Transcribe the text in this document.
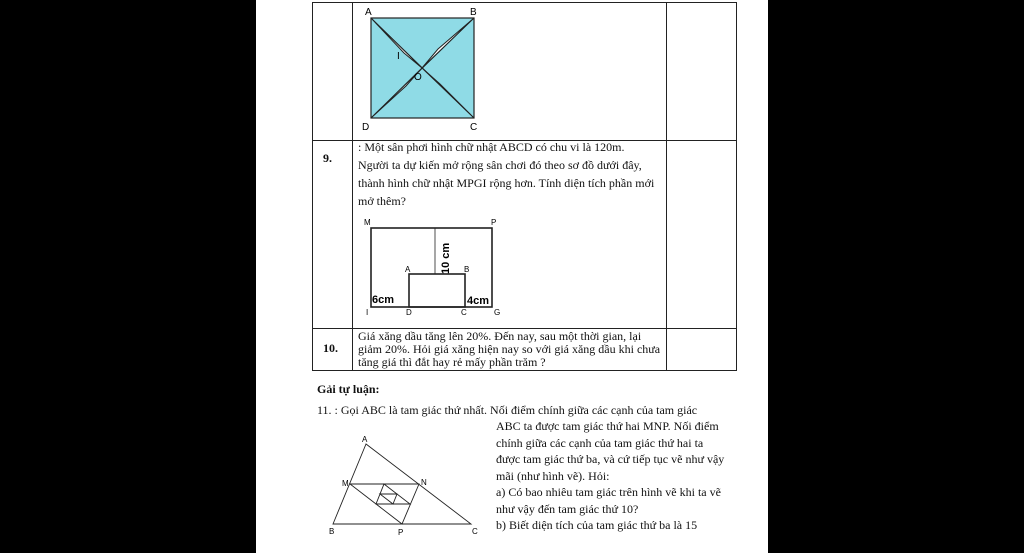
A	B
C
D
I
O
9.
: Một sân phơi hình chữ nhật ABCD có chu vi là 120m.
Người ta dự kiến mở rộng sân chơi đó theo sơ đồ dưới đây,
thành hình chữ nhật MPGI rộng hơn. Tính diện tích phần mới
mở thêm?
10 cm
6cm	4cm
M	P
A	B
I	D	C	G
10.
Giá xăng dầu tăng lên 20%. Đến nay, sau một thời gian, lại
giảm 20%. Hỏi giá xăng hiện nay so với giá xăng dầu khi chưa
tăng giá thì đắt hay rẻ mấy phần trăm ?
Gải tự luận:
11. : Gọi ABC là tam giác thứ nhất. Nối điểm chính giữa các cạnh của tam giác
ABC ta được tam giác thứ hai MNP. Nối điểm
chính giữa các cạnh của tam giác thứ hai ta
được tam giác thứ ba, và cứ tiếp tục vẽ như vậy
mãi (như hình vẽ). Hỏi:
a) Có bao nhiêu tam giác trên hình vẽ khi ta vẽ
như vậy đến tam giác thứ 10?
b) Biết diện tích của tam giác thứ ba là 15
A
B	C
M	N
P
